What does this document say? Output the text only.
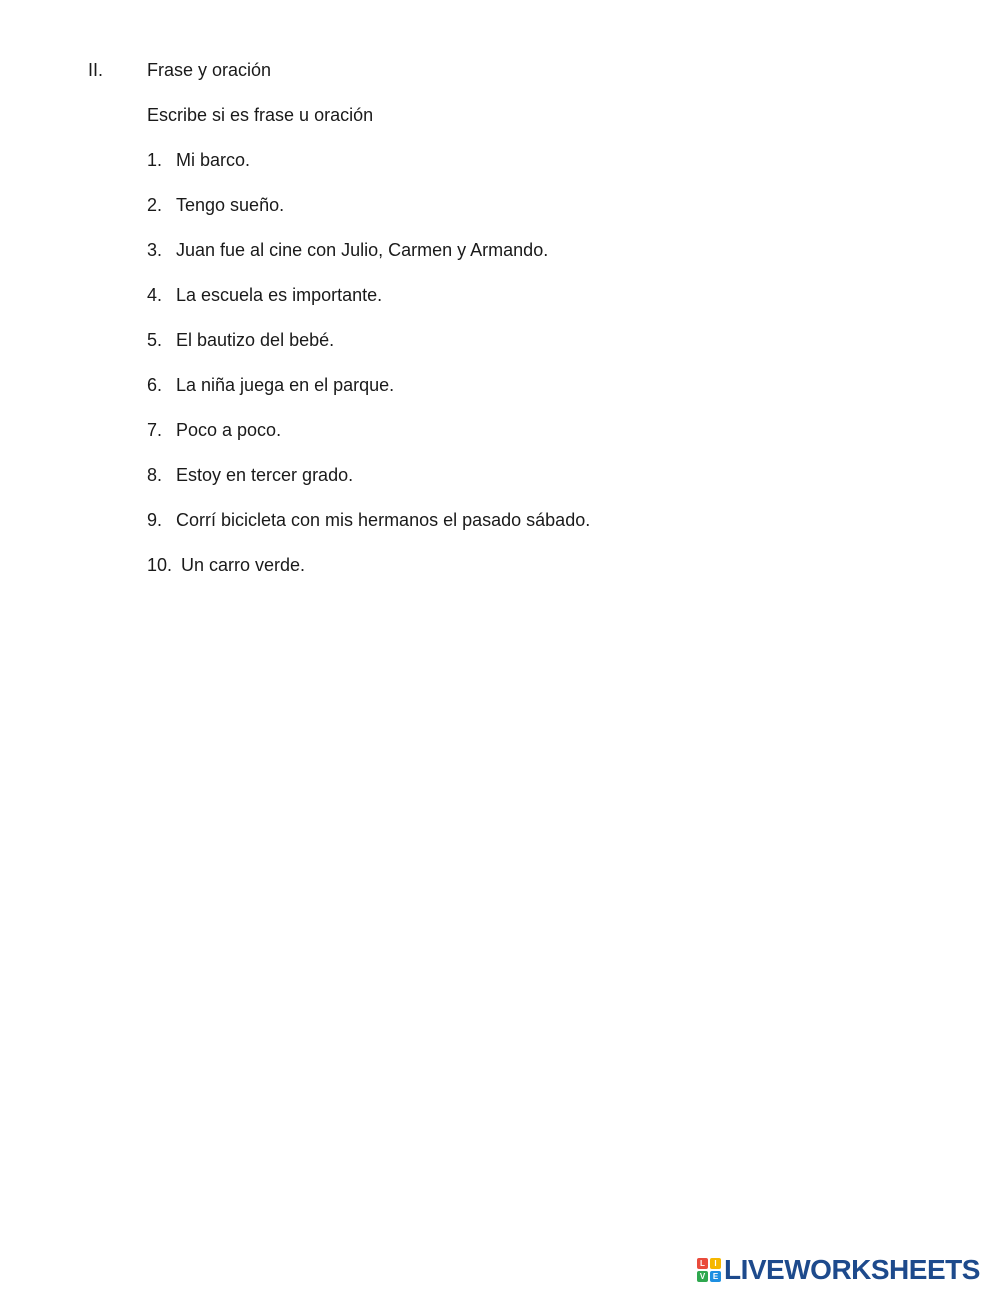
II. Frase y oración
Escribe si es frase u oración
1. Mi barco.
2. Tengo sueño.
3. Juan fue al cine con Julio, Carmen y Armando.
4. La escuela es importante.
5. El bautizo del bebé.
6. La niña juega en el parque.
7. Poco a poco.
8. Estoy en tercer grado.
9. Corrí bicicleta con mis hermanos el pasado sábado.
10. Un carro verde.
L	I
V E LIVEWORKSHEETS
